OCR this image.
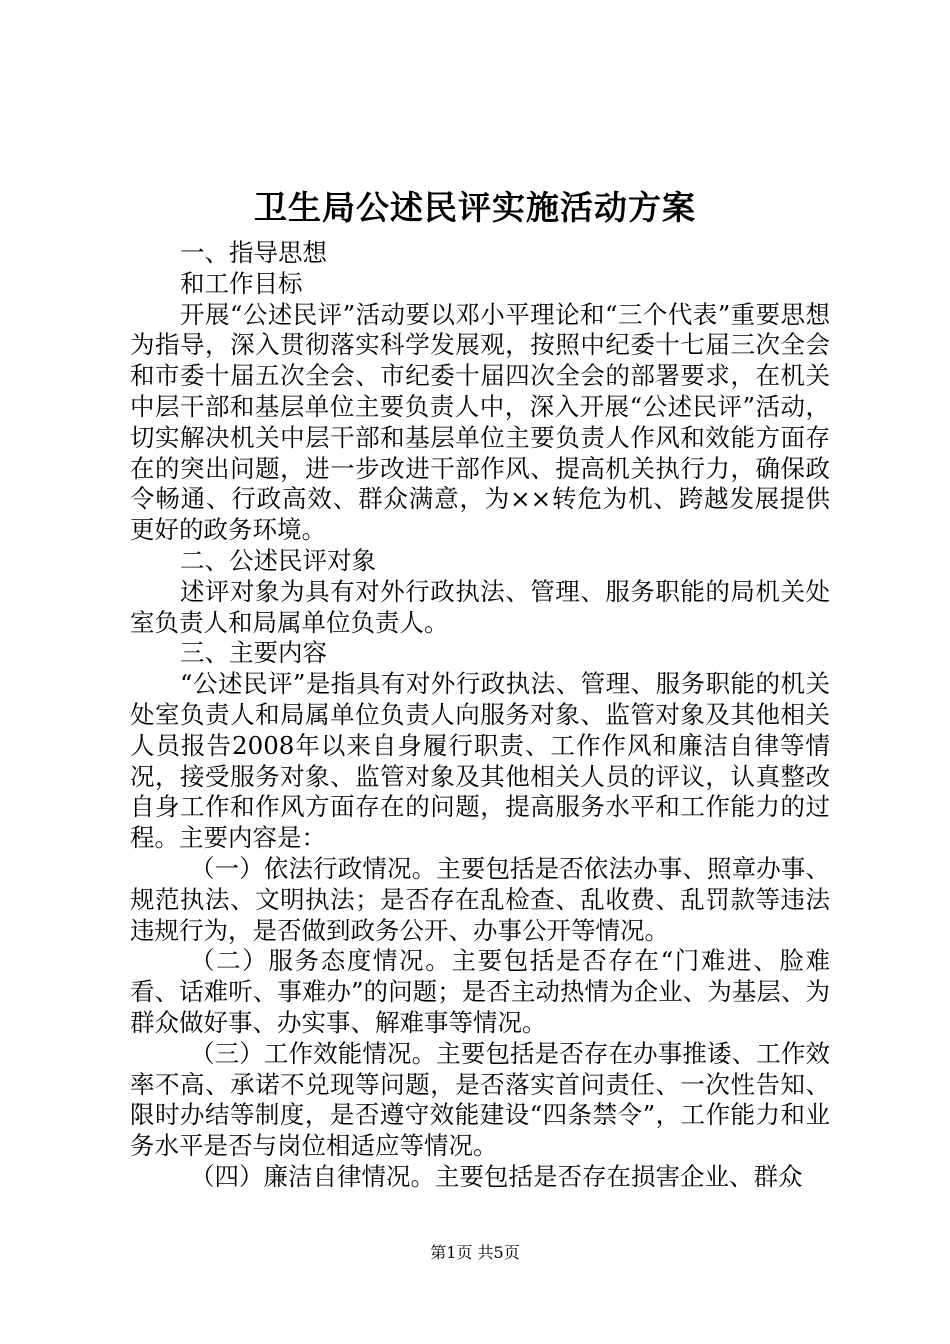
卫生局公述民评实施活动方案

一、指导思想

和工作目标

开展“公述民评”活动要以邓小平理论和“三个代表”重要思想为指导，深入贯彻落实科学发展观，按照中纪委十七届三次全会和市委十届五次全会、市纪委十届四次全会的部署要求，在机关中层干部和基层单位主要负责人中，深入开展“公述民评”活动，切实解决机关中层干部和基层单位主要负责人作风和效能方面存在的突出问题，进一步改进干部作风、提高机关执行力，确保政令畅通、行政高效、群众满意，为××转危为机、跨越发展提供更好的政务环境。

二、公述民评对象

述评对象为具有对外行政执法、管理、服务职能的局机关处室负责人和局属单位负责人。

三、主要内容

“公述民评”是指具有对外行政执法、管理、服务职能的机关处室负责人和局属单位负责人向服务对象、监管对象及其他相关人员报告2008年以来自身履行职责、工作作风和廉洁自律等情况，接受服务对象、监管对象及其他相关人员的评议，认真整改自身工作和作风方面存在的问题，提高服务水平和工作能力的过程。主要内容是：

（一）依法行政情况。主要包括是否依法办事、照章办事、规范执法、文明执法；是否存在乱检查、乱收费、乱罚款等违法违规行为，是否做到政务公开、办事公开等情况。

（二）服务态度情况。主要包括是否存在“门难进、脸难看、话难听、事难办”的问题；是否主动热情为企业、为基层、为群众做好事、办实事、解难事等情况。

（三）工作效能情况。主要包括是否存在办事推诿、工作效率不高、承诺不兑现等问题，是否落实首问责任、一次性告知、限时办结等制度，是否遵守效能建设“四条禁令”，工作能力和业务水平是否与岗位相适应等情况。

（四）廉洁自律情况。主要包括是否存在损害企业、群众

第1页 共5页
